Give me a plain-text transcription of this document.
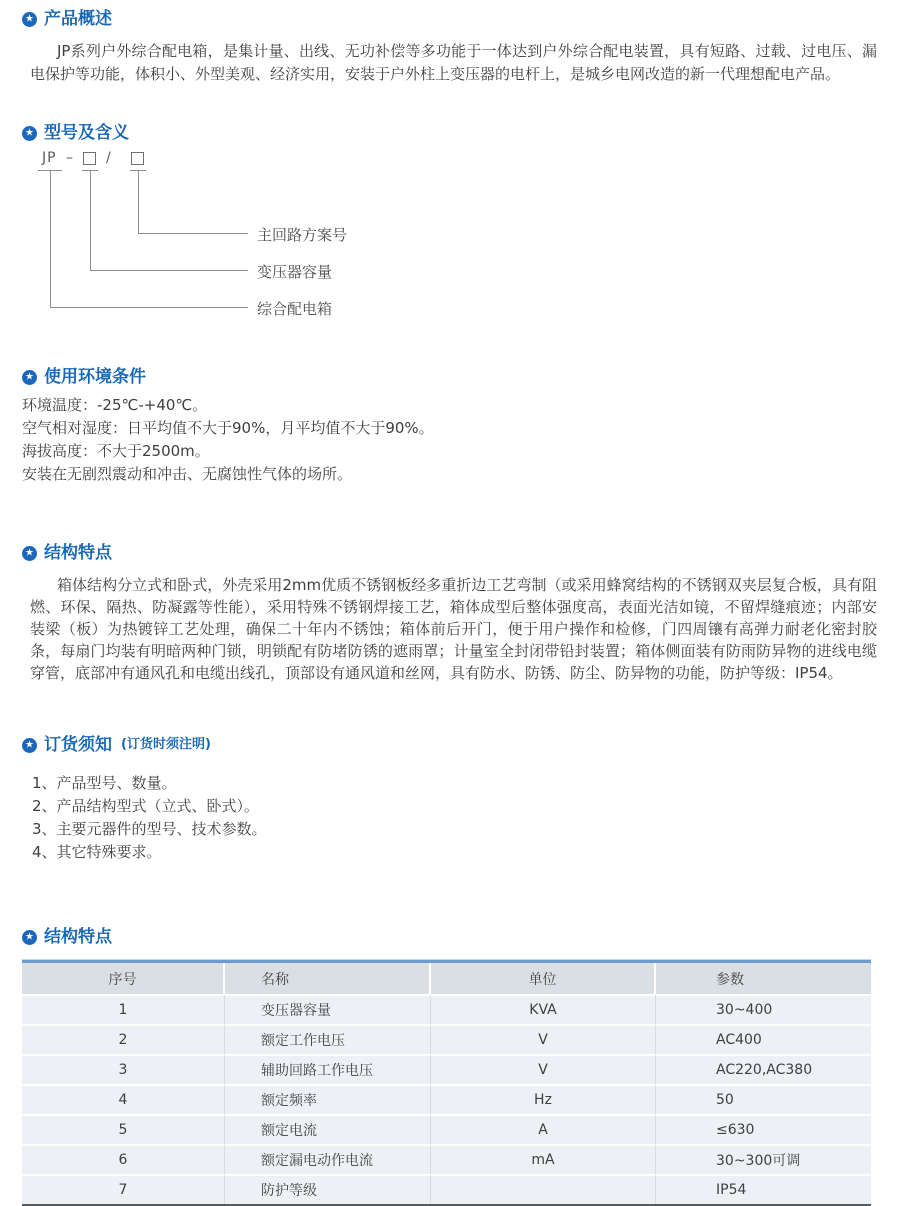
★ 产品概述

JP系列户外综合配电箱，是集计量、出线、无功补偿等多功能于一体达到户外综合配电装置，具有短路、过载、过电压、漏电保护等功能，体积小、外型美观、经济实用，安装于户外柱上变压器的电杆上，是城乡电网改造的新一代理想配电产品。

★ 型号及含义
JP – /
主回路方案号
变压器容量
综合配电箱
★ 使用环境条件
环境温度：-25℃-+40℃。
空气相对湿度：日平均值不大于90%，月平均值不大于90%。
海拔高度：不大于2500m。
安装在无剧烈震动和冲击、无腐蚀性气体的场所。
★ 结构特点

箱体结构分立式和卧式，外壳采用2mm优质不锈钢板经多重折边工艺弯制（或采用蜂窝结构的不锈钢双夹层复合板，具有阻燃、环保、隔热、防凝露等性能），采用特殊不锈钢焊接工艺，箱体成型后整体强度高，表面光洁如镜，不留焊缝痕迹；内部安装梁（板）为热镀锌工艺处理，确保二十年内不锈蚀；箱体前后开门，便于用户操作和检修，门四周镶有高弹力耐老化密封胶条，每扇门均装有明暗两种门锁，明锁配有防堵防锈的遮雨罩；计量室全封闭带铅封装置；箱体侧面装有防雨防异物的进线电缆穿管，底部冲有通风孔和电缆出线孔，顶部设有通风道和丝网，具有防水、防锈、防尘、防异物的功能，防护等级：IP54。

★ 订货须知 (订货时须注明)
1、产品型号、数量。
2、产品结构型式（立式、卧式）。
3、主要元器件的型号、技术参数。
4、其它特殊要求。
★ 结构特点
序号	名称	单位	参数
1	变压器容量	KVA	30~400
2	额定工作电压	V	AC400
3	辅助回路工作电压	V	AC220,AC380
4	额定频率	Hz	50
5	额定电流	A	≤630
6	额定漏电动作电流	mA	30~300可调
7	防护等级		IP54
